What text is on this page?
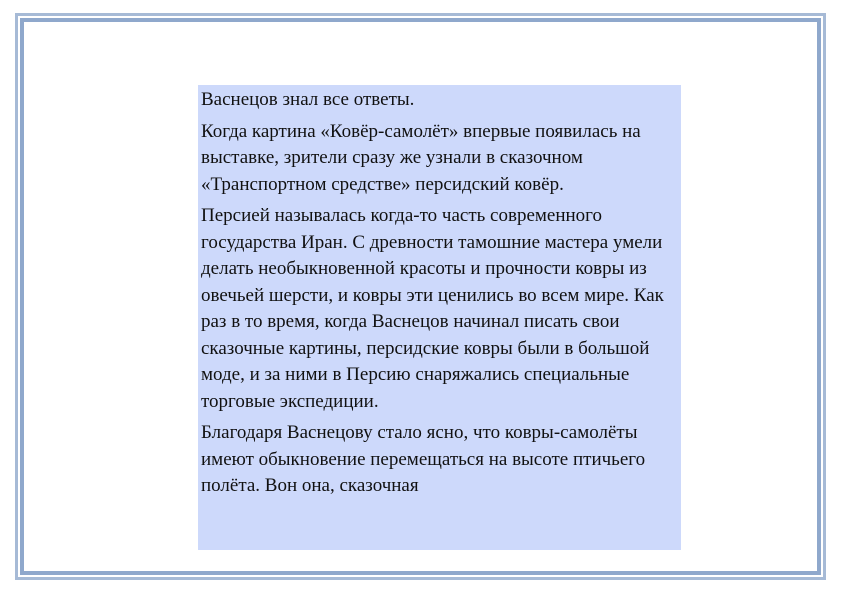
Васнецов знал все ответы.

Когда картина «Ковёр-самолёт» впервые появилась на выставке, зрители сразу же узнали в сказочном «Транспортном средстве» персидский ковёр.

Персией называлась когда-то часть современного государства Иран. С древности тамошние мастера умели делать необыкновенной красоты и прочности ковры из овечьей шерсти, и ковры эти ценились во всем мире. Как раз в то время, когда Васнецов начинал писать свои сказочные картины, персидские ковры были в большой моде, и за ними в Персию снаряжались специальные торговые экспедиции.

Благодаря Васнецову стало ясно, что ковры-самолёты имеют обыкновение перемещаться на высоте птичьего полёта. Вон она, сказочная
